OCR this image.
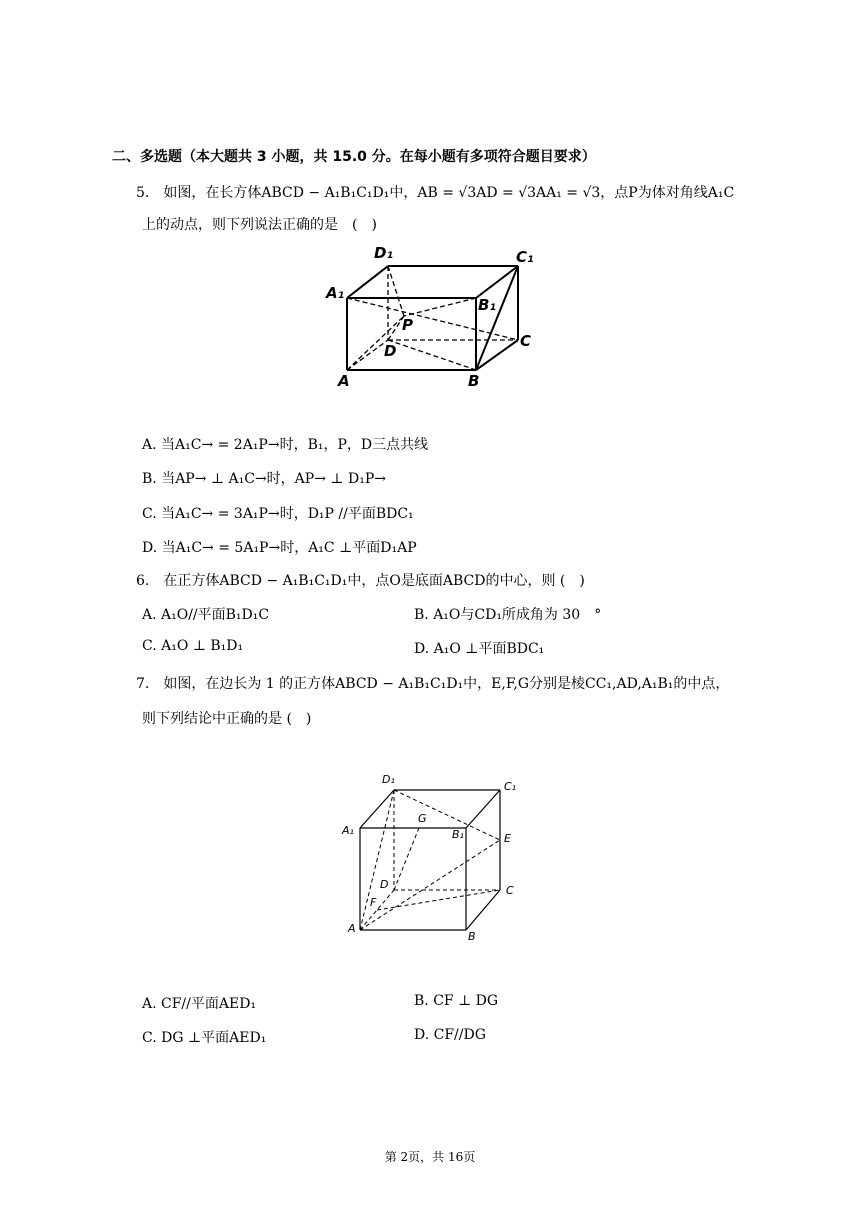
二、多选题（本大题共 3 小题，共 15.0 分。在每小题有多项符合题目要求）
5.　如图，在长方体ABCD − A₁B₁C₁D₁中，AB = √3AD = √3AA₁ = √3，点P为体对角线A₁C
上的动点，则下列说法正确的是　(　)
D₁	C₁
A₁
B₁
P
D
C
A	B
A. 当A₁C→ = 2A₁P→时，B₁，P，D三点共线
B. 当AP→ ⊥ A₁C→时，AP→ ⊥ D₁P→
C. 当A₁C→ = 3A₁P→时，D₁P //平面BDC₁
D. 当A₁C→ = 5A₁P→时，A₁C ⊥平面D₁AP
6.　在正方体ABCD − A₁B₁C₁D₁中，点O是底面ABCD的中心，则 (　)
A. A₁O//平面B₁D₁C	B. A₁O与CD₁所成角为 30　°
C. A₁O ⊥ B₁D₁	D. A₁O ⊥平面BDC₁
7.　如图，在边长为 1 的正方体ABCD − A₁B₁C₁D₁中，E,F,G分别是棱CC₁,AD,A₁B₁的中点，
则下列结论中正确的是 (　)
D₁
C₁
A₁
G
B₁	E
D	C
F
A
B
A. CF//平面AED₁	B. CF ⊥ DG
C. DG ⊥平面AED₁	D. CF//DG
第 2页，共 16页
